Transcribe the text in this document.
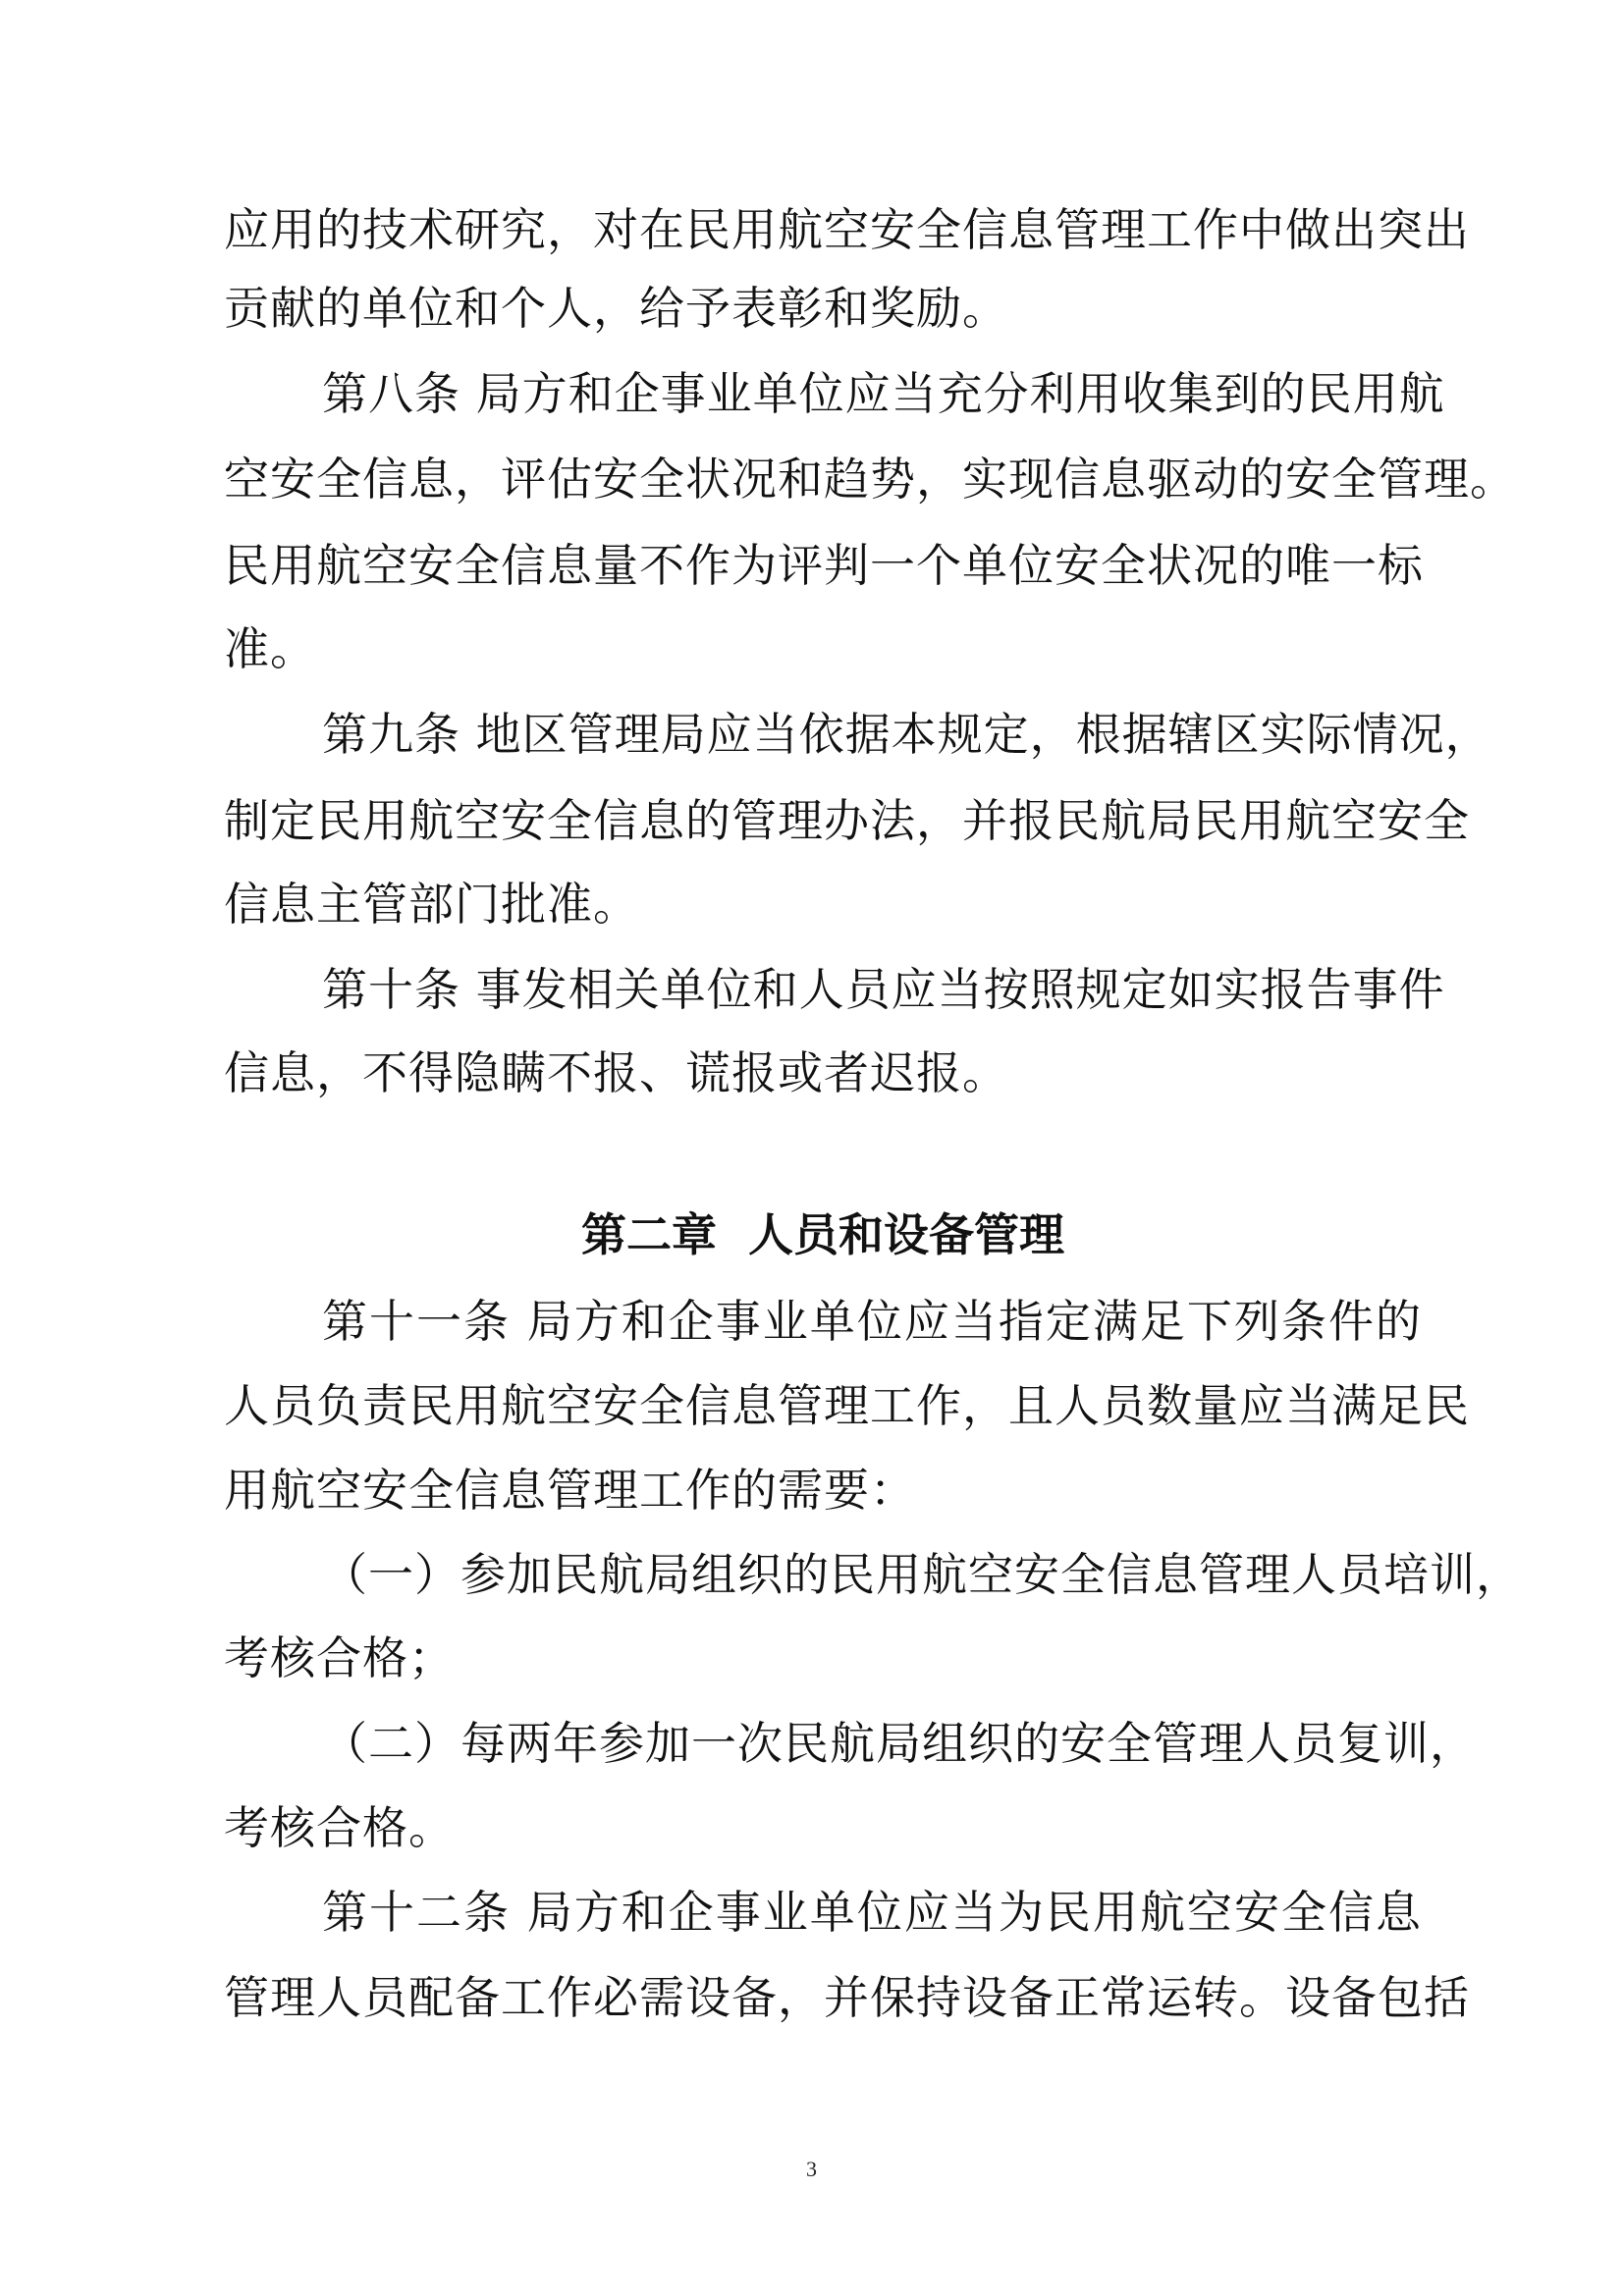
应用的技术研究，对在民用航空安全信息管理工作中做出突出
贡献的单位和个人，给予表彰和奖励。
第八条 局方和企事业单位应当充分利用收集到的民用航
空安全信息，评估安全状况和趋势，实现信息驱动的安全管理。
民用航空安全信息量不作为评判一个单位安全状况的唯一标
准。
第九条 地区管理局应当依据本规定，根据辖区实际情况，
制定民用航空安全信息的管理办法，并报民航局民用航空安全
信息主管部门批准。
第十条 事发相关单位和人员应当按照规定如实报告事件
信息，不得隐瞒不报、谎报或者迟报。
第二章  人员和设备管理
第十一条 局方和企事业单位应当指定满足下列条件的
人员负责民用航空安全信息管理工作，且人员数量应当满足民
用航空安全信息管理工作的需要：
（一）参加民航局组织的民用航空安全信息管理人员培训，
考核合格；
（二）每两年参加一次民航局组织的安全管理人员复训，
考核合格。
第十二条 局方和企事业单位应当为民用航空安全信息
管理人员配备工作必需设备，并保持设备正常运转。设备包括
3
